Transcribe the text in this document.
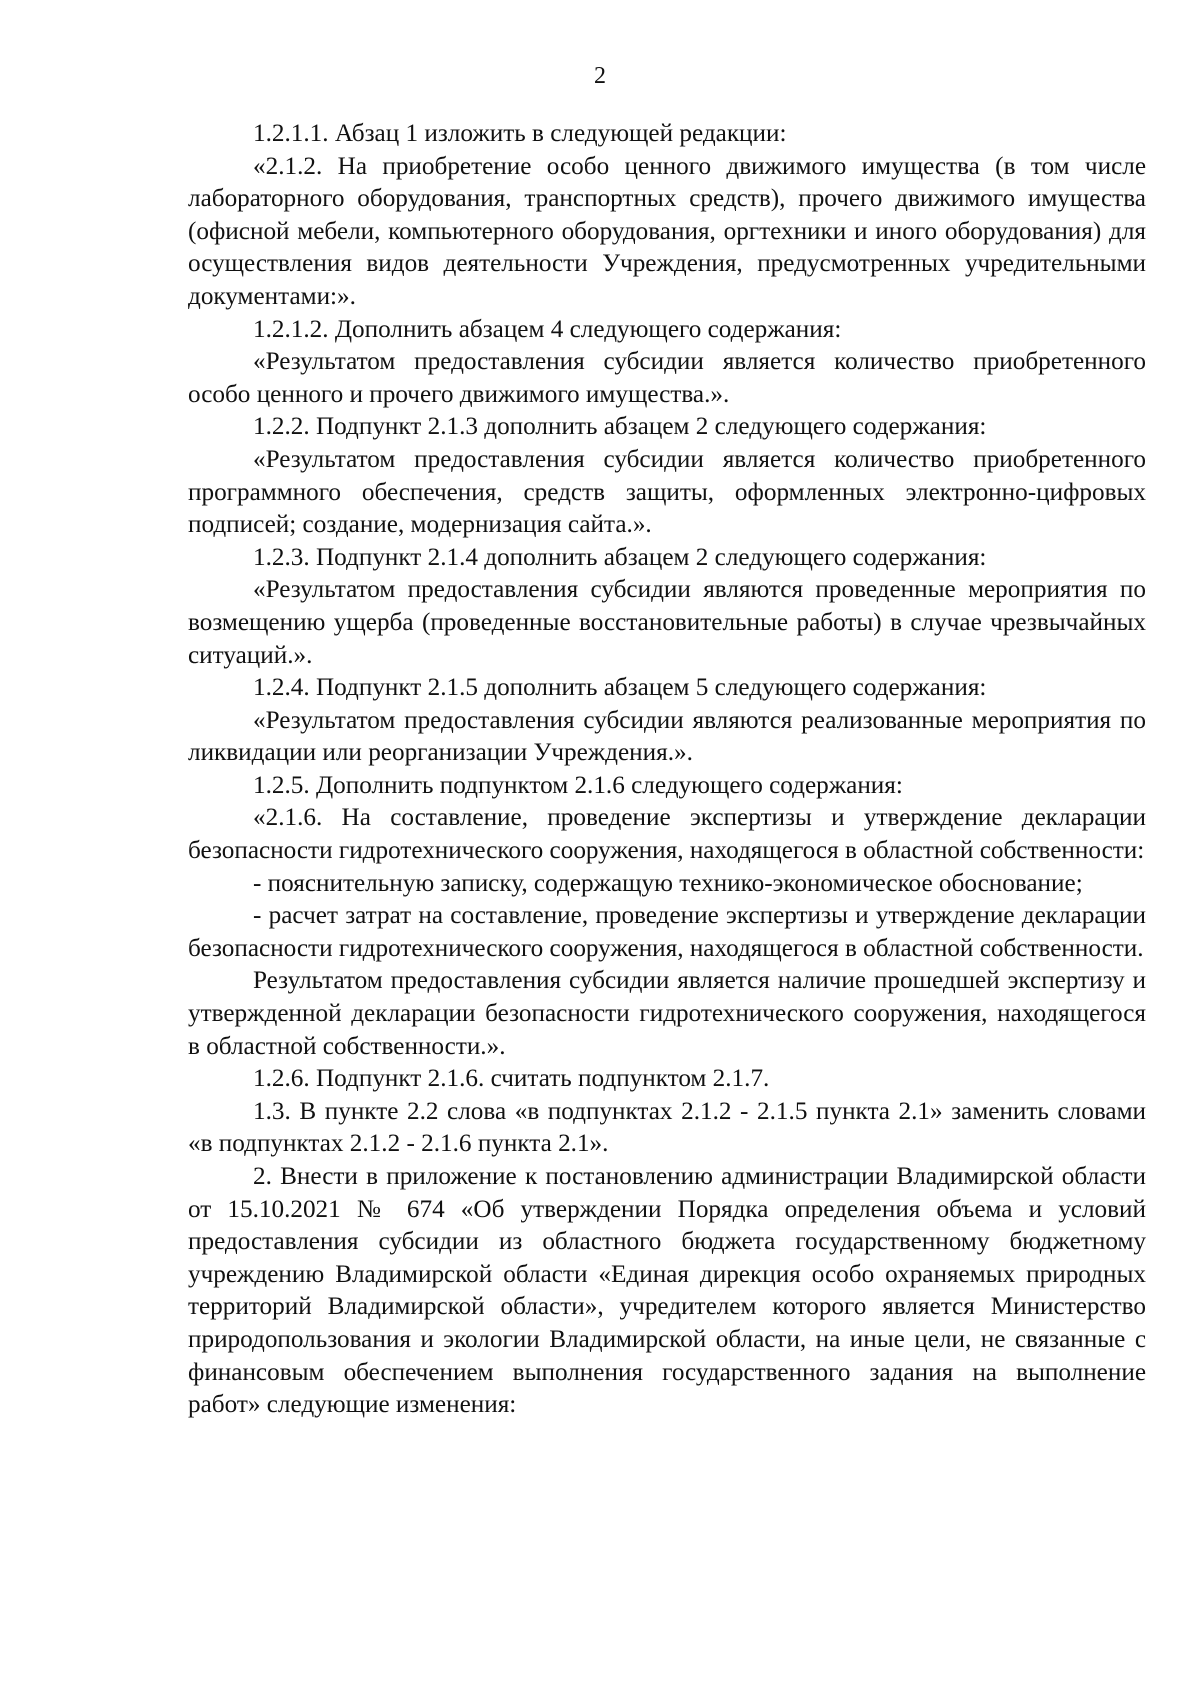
2

1.2.1.1. Абзац 1 изложить в следующей редакции:

«2.1.2. На приобретение особо ценного движимого имущества (в том числе лабораторного оборудования, транспортных средств), прочего движимого имущества (офисной мебели, компьютерного оборудования, оргтехники и иного оборудования) для осуществления видов деятельности Учреждения, предусмотренных учредительными документами:».

1.2.1.2. Дополнить абзацем 4 следующего содержания:

«Результатом предоставления субсидии является количество приобретенного особо ценного и прочего движимого имущества.».

1.2.2. Подпункт 2.1.3 дополнить абзацем 2 следующего содержания:

«Результатом предоставления субсидии является количество приобретенного программного обеспечения, средств защиты, оформленных электронно-цифровых подписей; создание, модернизация сайта.».

1.2.3. Подпункт 2.1.4 дополнить абзацем 2 следующего содержания:

«Результатом предоставления субсидии являются проведенные мероприятия по возмещению ущерба (проведенные восстановительные работы) в случае чрезвычайных ситуаций.».

1.2.4. Подпункт 2.1.5 дополнить абзацем 5 следующего содержания:

«Результатом предоставления субсидии являются реализованные мероприятия по ликвидации или реорганизации Учреждения.».

1.2.5. Дополнить подпунктом 2.1.6 следующего содержания:

«2.1.6. На составление, проведение экспертизы и утверждение декларации безопасности гидротехнического сооружения, находящегося в областной собственности:

- пояснительную записку, содержащую технико-экономическое обоснование;

- расчет затрат на составление, проведение экспертизы и утверждение декларации безопасности гидротехнического сооружения, находящегося в областной собственности.

Результатом предоставления субсидии является наличие прошедшей экспертизу и утвержденной декларации безопасности гидротехнического сооружения, находящегося в областной собственности.».

1.2.6. Подпункт 2.1.6. считать подпунктом 2.1.7.

1.3. В пункте 2.2 слова «в подпунктах 2.1.2 - 2.1.5 пункта 2.1» заменить словами «в подпунктах 2.1.2 - 2.1.6 пункта 2.1».

2. Внести в приложение к постановлению администрации Владимирской области от 15.10.2021 № 674 «Об утверждении Порядка определения объема и условий предоставления субсидии из областного бюджета государственному бюджетному учреждению Владимирской области «Единая дирекция особо охраняемых природных территорий Владимирской области», учредителем которого является Министерство природопользования и экологии Владимирской области, на иные цели, не связанные с финансовым обеспечением выполнения государственного задания на выполнение работ» следующие изменения:
